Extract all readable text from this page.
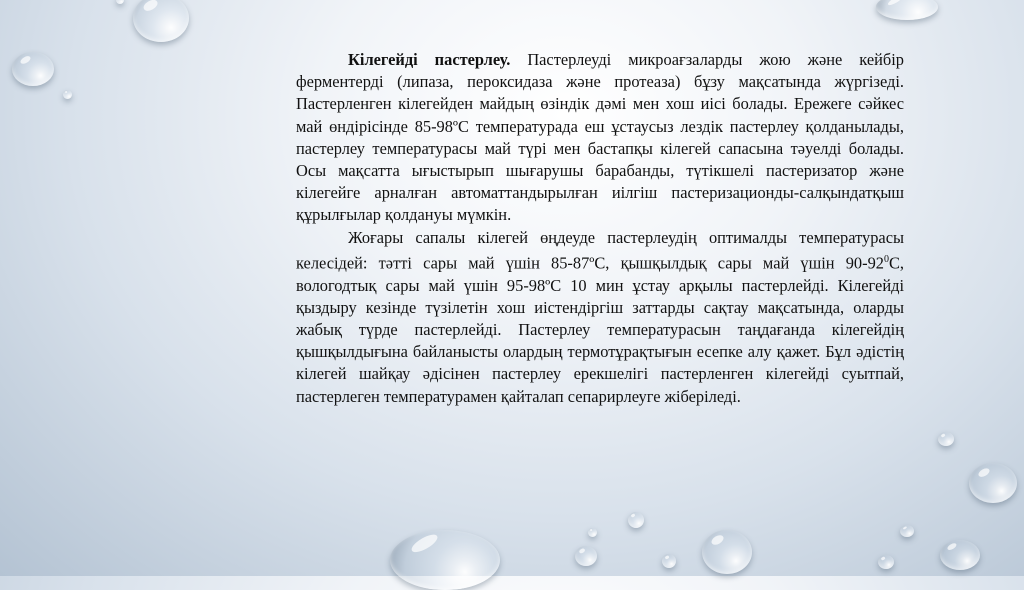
Кілегейді пастерлеу. Пастерлеуді микроағзаларды жою және кейбір ферментерді (липаза, пероксидаза және протеаза) бұзу мақсатында жүргізеді. Пастерленген кілегейден майдың өзіндік дәмі мен хош иісі болады. Ережеге сәйкес май өндірісінде 85-98ºC температурада еш ұстаусыз лездік пастерлеу қолданылады, пастерлеу температурасы май түрі мен бастапқы кілегей сапасына тәуелді болады. Осы мақсатта ығыстырып шығарушы барабанды, түтікшелі пастеризатор және кілегейге арналған автоматтандырылған иілгіш пастеризационды-салқындатқыш құрылғылар қолдануы мүмкін.

Жоғары сапалы кілегей өңдеуде пастерлеудің оптималды температурасы келесідей: тәтті сары май үшін 85-87ºC, қышқылдық сары май үшін $90-92^0C$, вологодтық сары май үшін 95-98ºC 10 мин ұстау арқылы пастерлейді. Кілегейді қыздыру кезінде түзілетін хош иістендіргіш заттарды сақтау мақсатында, оларды жабық түрде пастерлейді. Пастерлеу температурасын таңдағанда кілегейдің қышқылдығына байланысты олардың термотұрақтығын есепке алу қажет. Бұл әдістің кілегей шайқау әдісінен пастерлеу ерекшелігі пастерленген кілегейді суытпай, пастерлеген температурамен қайталап сепарирлеуге жіберіледі.
